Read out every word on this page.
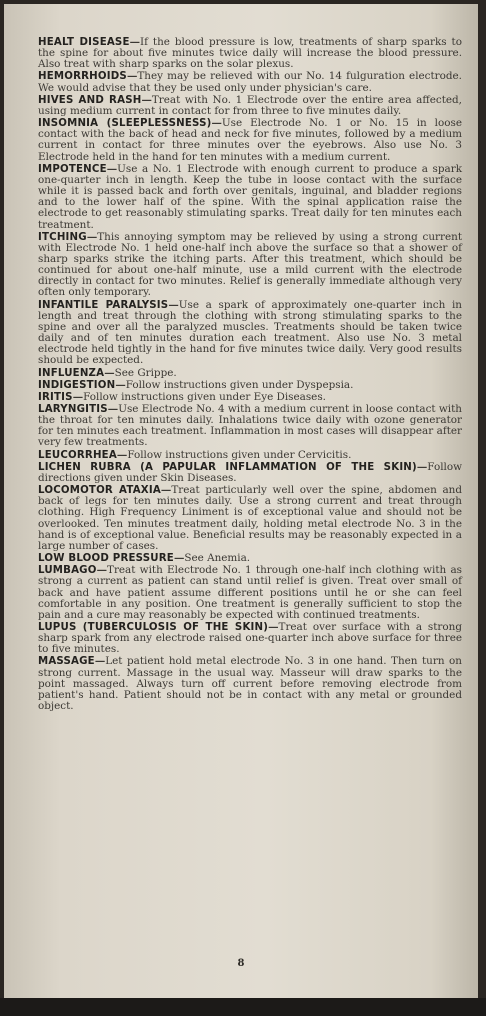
HEALT DISEASE—If the blood pressure is low, treatments of sharp sparks to the spine for about five minutes twice daily will increase the blood pressure. Also treat with sharp sparks on the solar plexus.

HEMORRHOIDS—They may be relieved with our No. 14 fulguration electrode. We would advise that they be used only under physician's care.

HIVES AND RASH—Treat with No. 1 Electrode over the entire area affected, using medium current in contact for from three to five minutes daily.

INSOMNIA (SLEEPLESSNESS)—Use Electrode No. 1 or No. 15 in loose contact with the back of head and neck for five minutes, followed by a medium current in contact for three minutes over the eyebrows. Also use No. 3 Electrode held in the hand for ten minutes with a medium current.

IMPOTENCE—Use a No. 1 Electrode with enough current to produce a spark one-quarter inch in length. Keep the tube in loose contact with the surface while it is passed back and forth over genitals, inguinal, and bladder regions and to the lower half of the spine. With the spinal application raise the electrode to get reasonably stimulating sparks. Treat daily for ten minutes each treatment.

ITCHING—This annoying symptom may be relieved by using a strong current with Electrode No. 1 held one-half inch above the surface so that a shower of sharp sparks strike the itching parts. After this treatment, which should be continued for about one-half minute, use a mild current with the electrode directly in contact for two minutes. Relief is generally immediate although very often only temporary.

INFANTILE PARALYSIS—Use a spark of approximately one-quarter inch in length and treat through the clothing with strong stimulating sparks to the spine and over all the paralyzed muscles. Treatments should be taken twice daily and of ten minutes duration each treatment. Also use No. 3 metal electrode held tightly in the hand for five minutes twice daily. Very good results should be expected.

INFLUENZA—See Grippe.

INDIGESTION—Follow instructions given under Dyspepsia.

IRITIS—Follow instructions given under Eye Diseases.

LARYNGITIS—Use Electrode No. 4 with a medium current in loose contact with the throat for ten minutes daily. Inhalations twice daily with ozone generator for ten minutes each treatment. Inflammation in most cases will disappear after very few treatments.

LEUCORRHEA—Follow instructions given under Cervicitis.

LICHEN RUBRA (A PAPULAR INFLAMMATION OF THE SKIN)—Follow directions given under Skin Diseases.

LOCOMOTOR ATAXIA—Treat particularly well over the spine, abdomen and back of legs for ten minutes daily. Use a strong current and treat through clothing. High Frequency Liniment is of exceptional value and should not be overlooked. Ten minutes treatment daily, holding metal electrode No. 3 in the hand is of exceptional value. Beneficial results may be reasonably expected in a large number of cases.

LOW BLOOD PRESSURE—See Anemia.

LUMBAGO—Treat with Electrode No. 1 through one-half inch clothing with as strong a current as patient can stand until relief is given. Treat over small of back and have patient assume different positions until he or she can feel comfortable in any position. One treatment is generally sufficient to stop the pain and a cure may reasonably be expected with continued treatments.

LUPUS (TUBERCULOSIS OF THE SKIN)—Treat over surface with a strong sharp spark from any electrode raised one-quarter inch above surface for three to five minutes.

MASSAGE—Let patient hold metal electrode No. 3 in one hand. Then turn on strong current. Massage in the usual way. Masseur will draw sparks to the point massaged. Always turn off current before removing electrode from patient's hand. Patient should not be in contact with any metal or grounded object.

8
